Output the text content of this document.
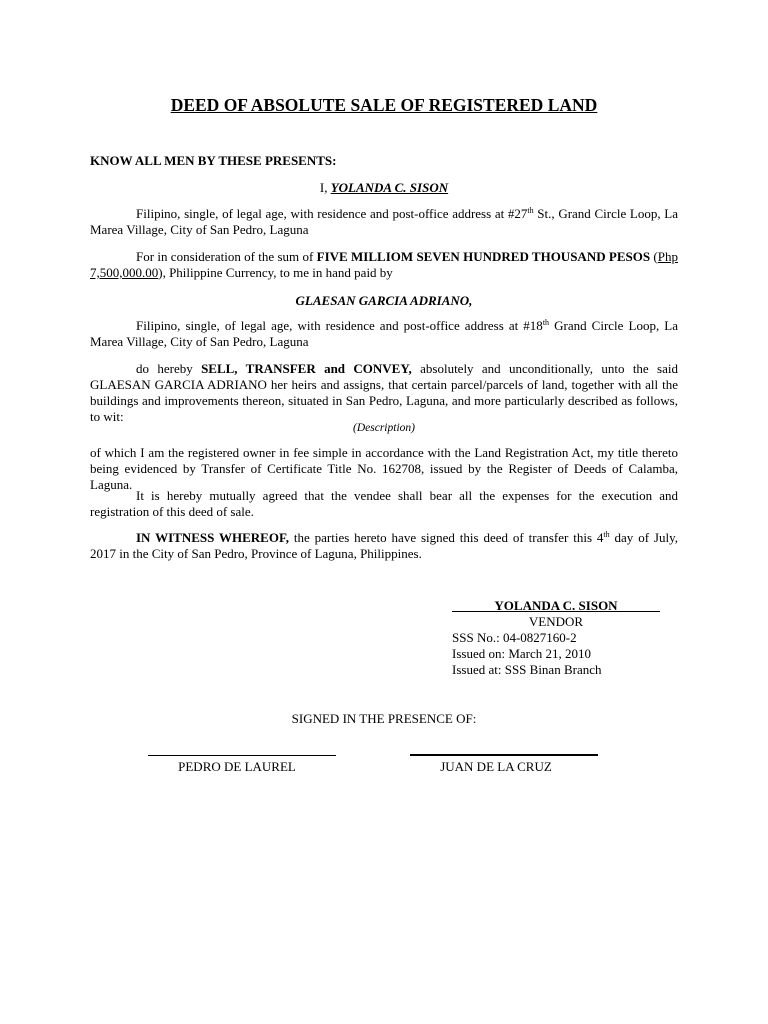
DEED OF ABSOLUTE SALE OF REGISTERED LAND
KNOW ALL MEN BY THESE PRESENTS:
I, YOLANDA C. SISON

Filipino, single, of legal age, with residence and post-office address at #27th St., Grand Circle Loop, La Marea Village, City of San Pedro, Laguna

For in consideration of the sum of FIVE MILLIOM SEVEN HUNDRED THOUSAND PESOS (Php 7,500,000.00), Philippine Currency, to me in hand paid by

GLAESAN GARCIA ADRIANO,

Filipino, single, of legal age, with residence and post-office address at #18th Grand Circle Loop, La Marea Village, City of San Pedro, Laguna

do hereby SELL, TRANSFER and CONVEY, absolutely and unconditionally, unto the said GLAESAN GARCIA ADRIANO her heirs and assigns, that certain parcel/parcels of land, together with all the buildings and improvements thereon, situated in San Pedro, Laguna, and more particularly described as follows, to wit:

(Description)

of which I am the registered owner in fee simple in accordance with the Land Registration Act, my title thereto being evidenced by Transfer of Certificate Title No. 162708, issued by the Register of Deeds of Calamba, Laguna.

It is hereby mutually agreed that the vendee shall bear all the expenses for the execution and registration of this deed of sale.

IN WITNESS WHEREOF, the parties hereto have signed this deed of transfer this 4th day of July, 2017 in the City of San Pedro, Province of Laguna, Philippines.

YOLANDA C. SISON
VENDOR
SSS No.: 04-0827160-2
Issued on: March 21, 2010
Issued at: SSS Binan Branch
SIGNED IN THE PRESENCE OF:
PEDRO DE LAUREL	JUAN DE LA CRUZ
